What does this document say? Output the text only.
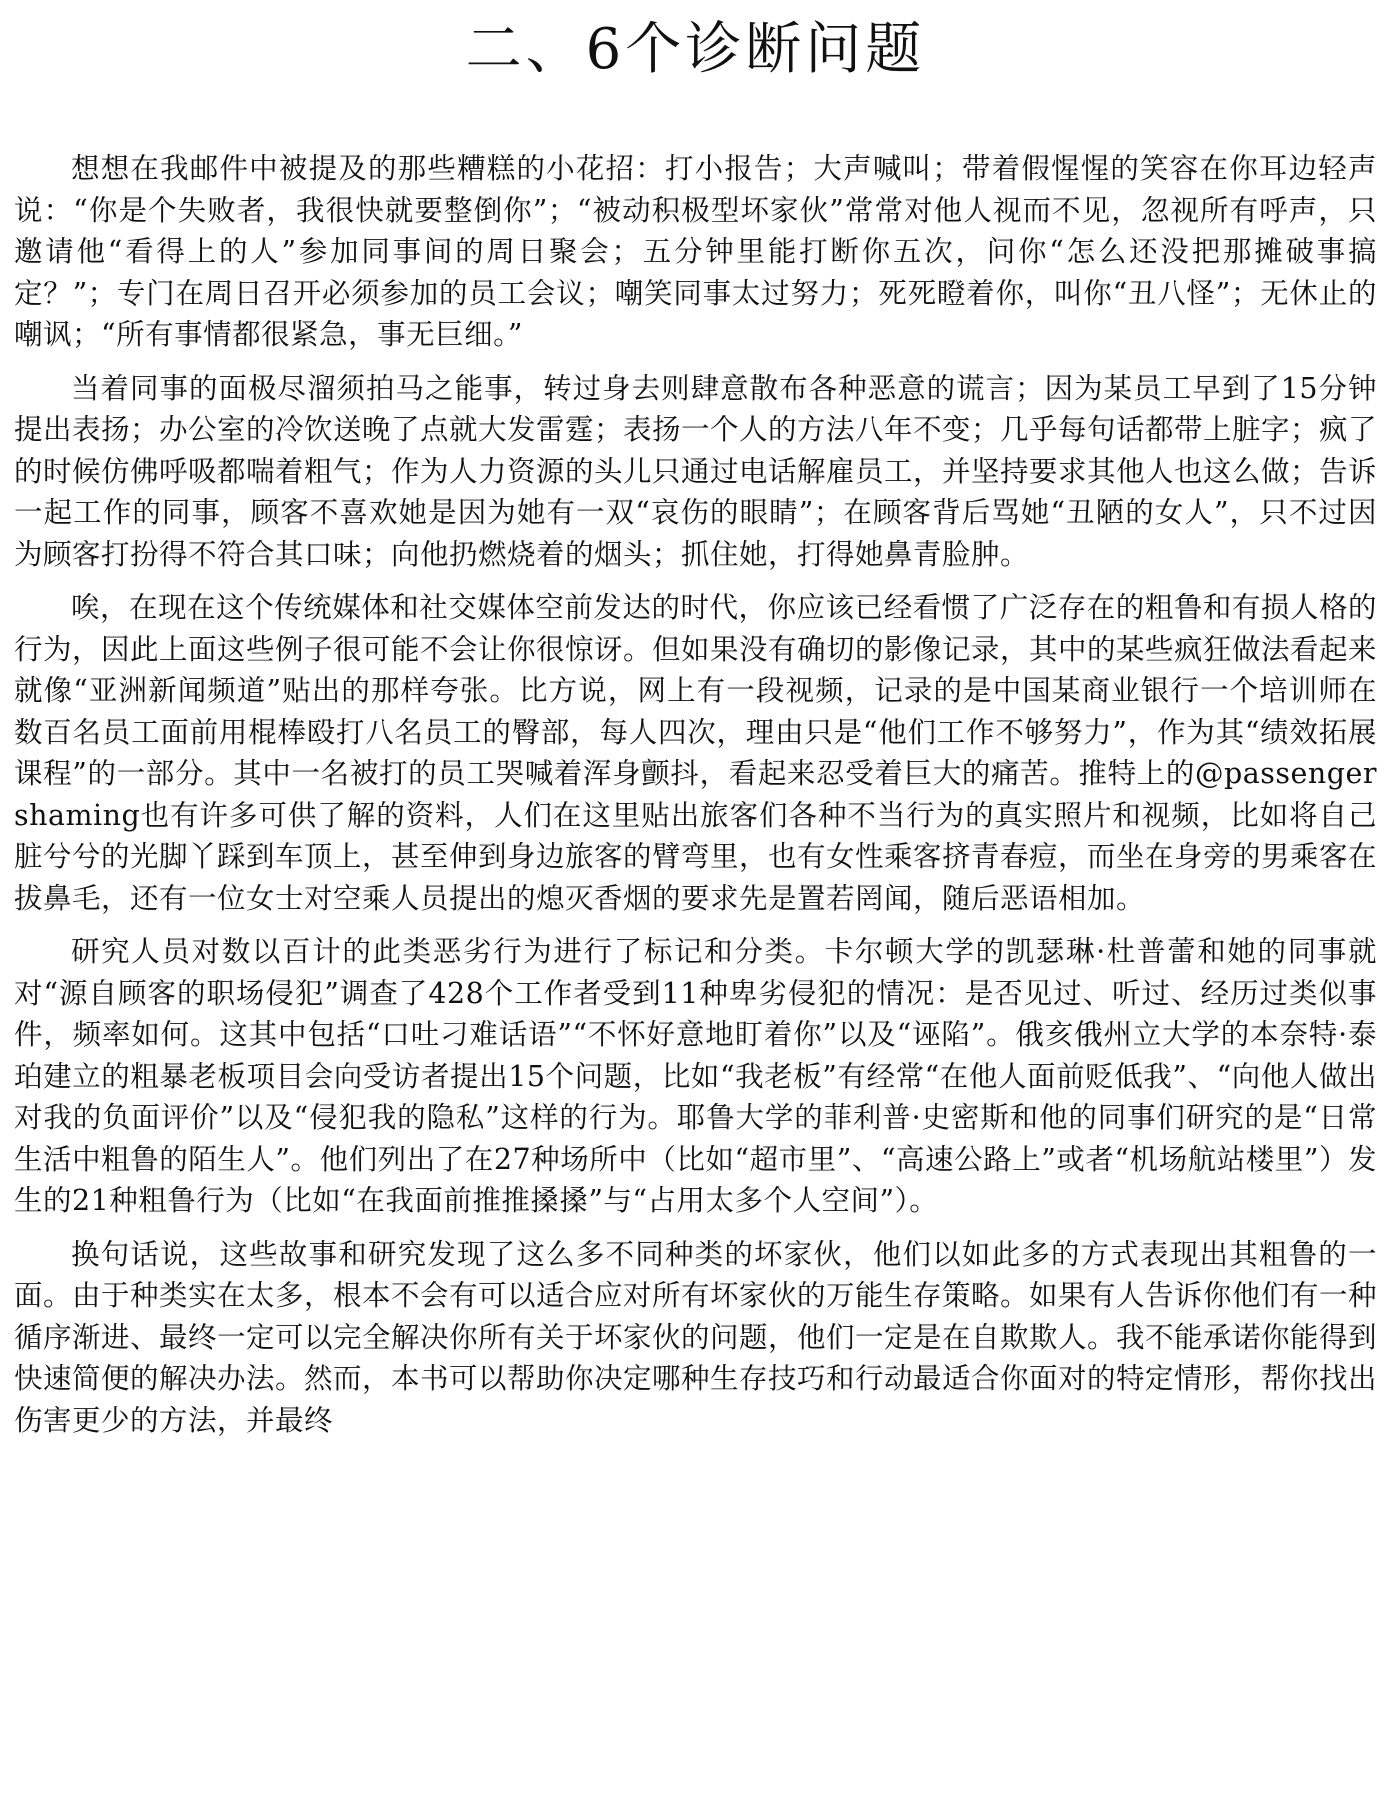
二、6个诊断问题

想想在我邮件中被提及的那些糟糕的小花招：打小报告；大声喊叫；带着假惺惺的笑容在你耳边轻声说：“你是个失败者，我很快就要整倒你”；“被动积极型坏家伙”常常对他人视而不见，忽视所有呼声，只邀请他“看得上的人”参加同事间的周日聚会；五分钟里能打断你五次，问你“怎么还没把那摊破事搞定？”；专门在周日召开必须参加的员工会议；嘲笑同事太过努力；死死瞪着你，叫你“丑八怪”；无休止的嘲讽；“所有事情都很紧急，事无巨细。”

当着同事的面极尽溜须拍马之能事，转过身去则肆意散布各种恶意的谎言；因为某员工早到了15分钟提出表扬；办公室的冷饮送晚了点就大发雷霆；表扬一个人的方法八年不变；几乎每句话都带上脏字；疯了的时候仿佛呼吸都喘着粗气；作为人力资源的头儿只通过电话解雇员工，并坚持要求其他人也这么做；告诉一起工作的同事，顾客不喜欢她是因为她有一双“哀伤的眼睛”；在顾客背后骂她“丑陋的女人”，只不过因为顾客打扮得不符合其口味；向他扔燃烧着的烟头；抓住她，打得她鼻青脸肿。

唉，在现在这个传统媒体和社交媒体空前发达的时代，你应该已经看惯了广泛存在的粗鲁和有损人格的行为，因此上面这些例子很可能不会让你很惊讶。但如果没有确切的影像记录，其中的某些疯狂做法看起来就像“亚洲新闻频道”贴出的那样夸张。比方说，网上有一段视频，记录的是中国某商业银行一个培训师在数百名员工面前用棍棒殴打八名员工的臀部，每人四次，理由只是“他们工作不够努力”，作为其“绩效拓展课程”的一部分。其中一名被打的员工哭喊着浑身颤抖，看起来忍受着巨大的痛苦。推特上的@passengershaming也有许多可供了解的资料，人们在这里贴出旅客们各种不当行为的真实照片和视频，比如将自己脏兮兮的光脚丫踩到车顶上，甚至伸到身边旅客的臂弯里，也有女性乘客挤青春痘，而坐在身旁的男乘客在拔鼻毛，还有一位女士对空乘人员提出的熄灭香烟的要求先是置若罔闻，随后恶语相加。

研究人员对数以百计的此类恶劣行为进行了标记和分类。卡尔顿大学的凯瑟琳·杜普蕾和她的同事就对“源自顾客的职场侵犯”调查了428个工作者受到11种卑劣侵犯的情况：是否见过、听过、经历过类似事件，频率如何。这其中包括“口吐刁难话语”“不怀好意地盯着你”以及“诬陷”。俄亥俄州立大学的本奈特·泰珀建立的粗暴老板项目会向受访者提出15个问题，比如“我老板”有经常“在他人面前贬低我”、“向他人做出对我的负面评价”以及“侵犯我的隐私”这样的行为。耶鲁大学的菲利普·史密斯和他的同事们研究的是“日常生活中粗鲁的陌生人”。他们列出了在27种场所中（比如“超市里”、“高速公路上”或者“机场航站楼里”）发生的21种粗鲁行为（比如“在我面前推推搡搡”与“占用太多个人空间”）。

换句话说，这些故事和研究发现了这么多不同种类的坏家伙，他们以如此多的方式表现出其粗鲁的一面。由于种类实在太多，根本不会有可以适合应对所有坏家伙的万能生存策略。如果有人告诉你他们有一种循序渐进、最终一定可以完全解决你所有关于坏家伙的问题，他们一定是在自欺欺人。我不能承诺你能得到快速简便的解决办法。然而，本书可以帮助你决定哪种生存技巧和行动最适合你面对的特定情形，帮你找出伤害更少的方法，并最终
